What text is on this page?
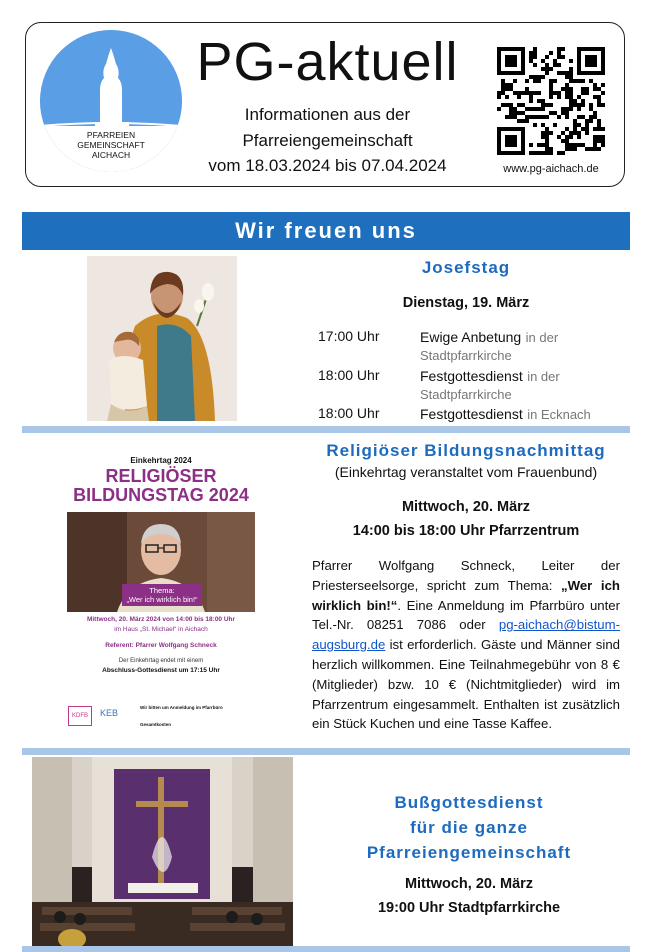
PFARREIEN
GEMEINSCHAFT
AICHACH
PG-aktuell
Informationen aus der
Pfarreiengemeinschaft
vom 18.03.2024 bis 07.04.2024	www.pg-aichach.de
Wir freuen uns
Josefstag
Dienstag, 19. März
17:00 Uhr	Ewige Anbetung in der Stadtpfarrkirche
18:00 Uhr	Festgottesdienst in der Stadtpfarrkirche
18:00 Uhr	Festgottesdienst in Ecknach
Einkehrtag 2024
RELIGIÖSER
BILDUNGSTAG 2024
Thema:
„Wer ich wirklich bin!“
Mittwoch, 20. März 2024 von 14:00 bis 18:00 Uhr
im Haus „St. Michael“ in Aichach
Referent: Pfarrer Wolfgang Schneck
Der Einkehrtag endet mit einem
Abschluss-Gottesdienst um 17:15 Uhr
KDFB	KEB
Wir bitten um Anmeldung im Pfarrbüro
Gesamtkosten
Religiöser Bildungsnachmittag
(Einkehrtag veranstaltet vom Frauenbund)
Mittwoch, 20. März
14:00 bis 18:00 Uhr Pfarrzentrum
Pfarrer Wolfgang Schneck, Leiter der Priesterseelsorge, spricht zum Thema: „Wer ich wirklich bin!“. Eine Anmeldung im Pfarrbüro unter Tel.-Nr. 08251 7086 oder pg-aichach@bistum-augsburg.de ist erforderlich. Gäste und Männer sind herzlich willkommen. Eine Teilnahmegebühr von 8 € (Mitglieder) bzw. 10 € (Nichtmitglieder) wird im Pfarrzentrum eingesammelt. Enthalten ist zusätzlich ein Stück Kuchen und eine Tasse Kaffee.
Bußgottesdienst
für die ganze
Pfarreiengemeinschaft
Mittwoch, 20. März
19:00 Uhr Stadtpfarrkirche
